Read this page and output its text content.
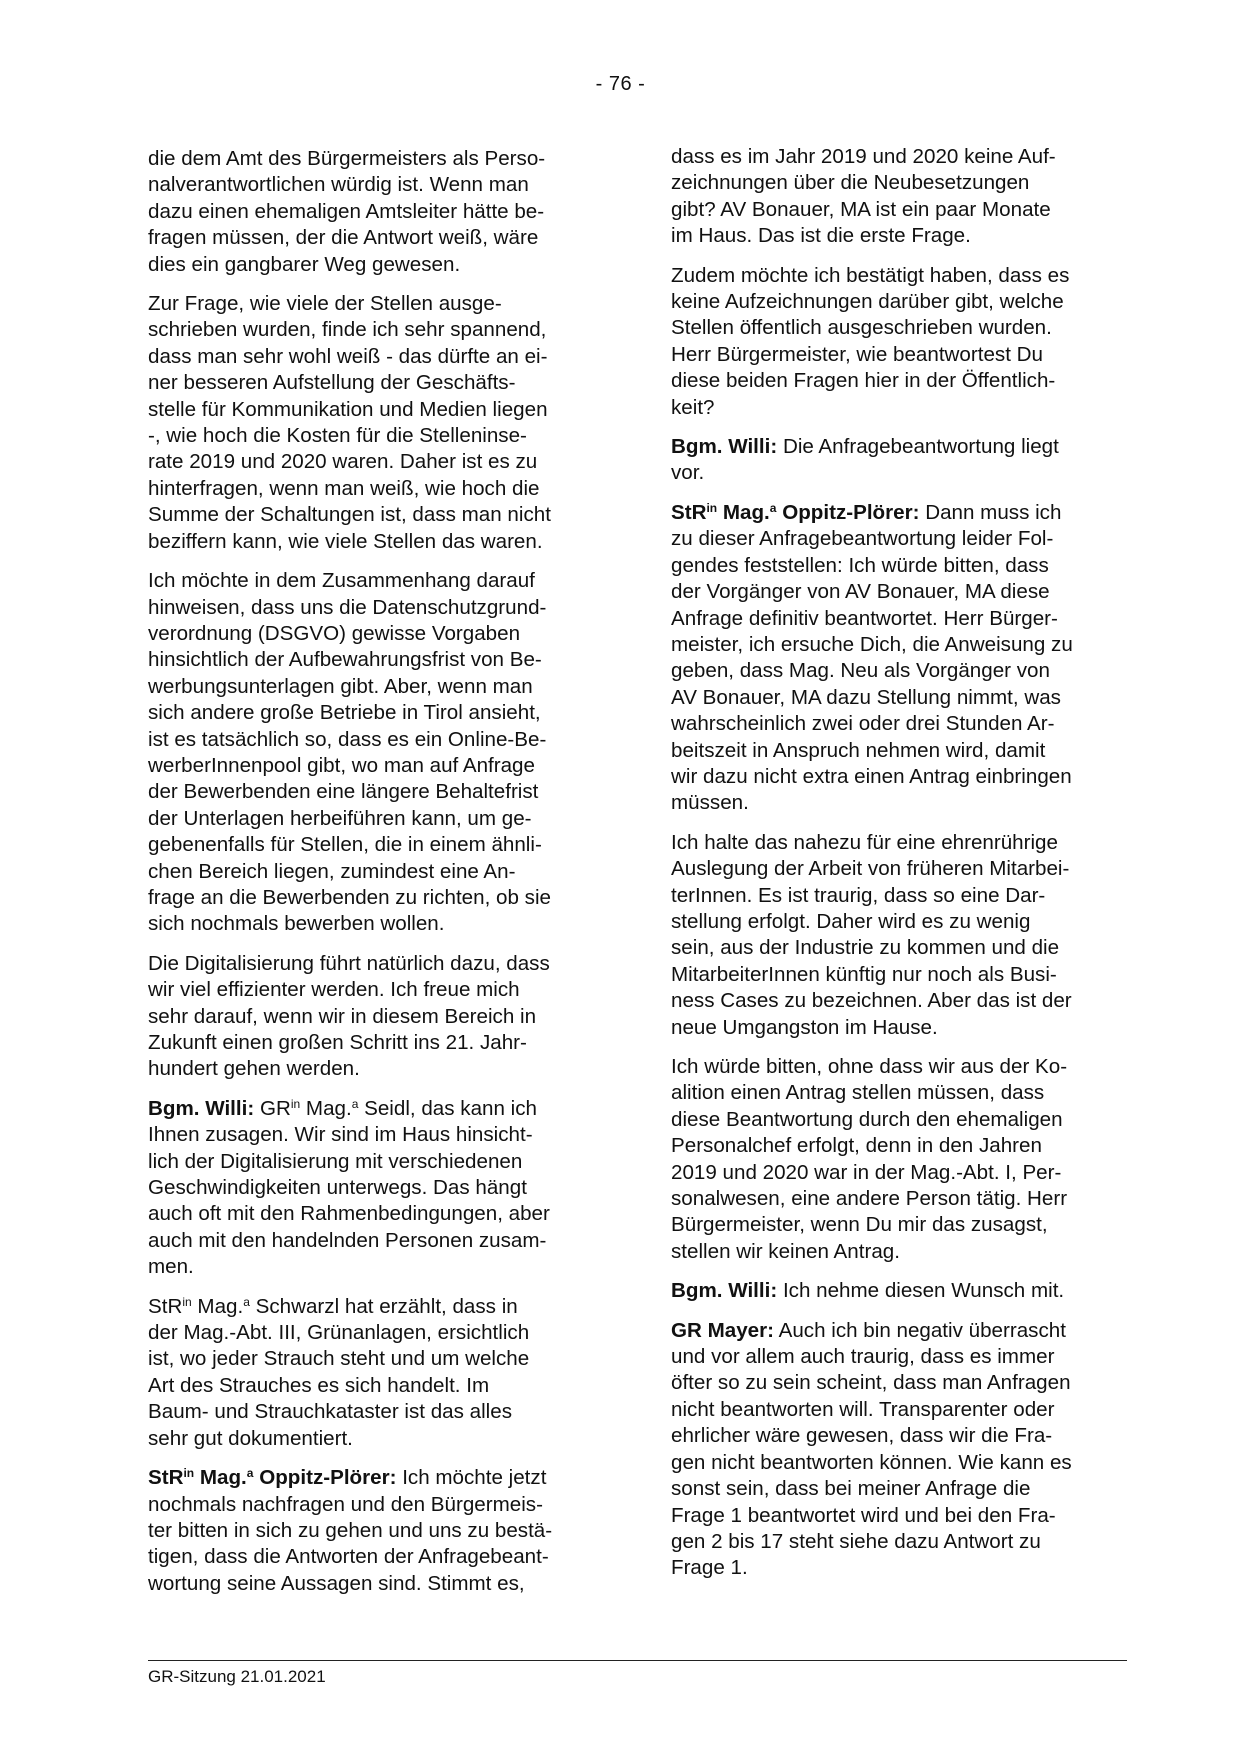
- 76 -

die dem Amt des Bürgermeisters als Perso-
nalverantwortlichen würdig ist. Wenn man
dazu einen ehemaligen Amtsleiter hätte be-
fragen müssen, der die Antwort weiß, wäre
dies ein gangbarer Weg gewesen.

Zur Frage, wie viele der Stellen ausge-
schrieben wurden, finde ich sehr spannend,
dass man sehr wohl weiß - das dürfte an ei-
ner besseren Aufstellung der Geschäfts-
stelle für Kommunikation und Medien liegen
-, wie hoch die Kosten für die Stelleninse-
rate 2019 und 2020 waren. Daher ist es zu
hinterfragen, wenn man weiß, wie hoch die
Summe der Schaltungen ist, dass man nicht
beziffern kann, wie viele Stellen das waren.

Ich möchte in dem Zusammenhang darauf
hinweisen, dass uns die Datenschutzgrund-
verordnung (DSGVO) gewisse Vorgaben
hinsichtlich der Aufbewahrungsfrist von Be-
werbungsunterlagen gibt. Aber, wenn man
sich andere große Betriebe in Tirol ansieht,
ist es tatsächlich so, dass es ein Online-Be-
werberInnenpool gibt, wo man auf Anfrage
der Bewerbenden eine längere Behaltefrist
der Unterlagen herbeiführen kann, um ge-
gebenenfalls für Stellen, die in einem ähnli-
chen Bereich liegen, zumindest eine An-
frage an die Bewerbenden zu richten, ob sie
sich nochmals bewerben wollen.

Die Digitalisierung führt natürlich dazu, dass
wir viel effizienter werden. Ich freue mich
sehr darauf, wenn wir in diesem Bereich in
Zukunft einen großen Schritt ins 21. Jahr-
hundert gehen werden.

Bgm. Willi: $GR^{in}$ Mag.$^a$ Seidl, das kann ich
Ihnen zusagen. Wir sind im Haus hinsicht-
lich der Digitalisierung mit verschiedenen
Geschwindigkeiten unterwegs. Das hängt
auch oft mit den Rahmenbedingungen, aber
auch mit den handelnden Personen zusam-
men.

StR$^{in}$ Mag.$^a$ Schwarzl hat erzählt, dass in
der Mag.-Abt. III, Grünanlagen, ersichtlich
ist, wo jeder Strauch steht und um welche
Art des Strauches es sich handelt. Im
Baum- und Strauchkataster ist das alles
sehr gut dokumentiert.

StR$^{in}$ Mag.$^a$ Oppitz-Plörer: Ich möchte jetzt
nochmals nachfragen und den Bürgermeis-
ter bitten in sich zu gehen und uns zu bestä-
tigen, dass die Antworten der Anfragebeant-
wortung seine Aussagen sind. Stimmt es,

dass es im Jahr 2019 und 2020 keine Auf-
zeichnungen über die Neubesetzungen
gibt? AV Bonauer, MA ist ein paar Monate
im Haus. Das ist die erste Frage.

Zudem möchte ich bestätigt haben, dass es
keine Aufzeichnungen darüber gibt, welche
Stellen öffentlich ausgeschrieben wurden.
Herr Bürgermeister, wie beantwortest Du
diese beiden Fragen hier in der Öffentlich-
keit?

Bgm. Willi: Die Anfragebeantwortung liegt
vor.

StR$^{in}$ Mag.$^a$ Oppitz-Plörer: Dann muss ich
zu dieser Anfragebeantwortung leider Fol-
gendes feststellen: Ich würde bitten, dass
der Vorgänger von AV Bonauer, MA diese
Anfrage definitiv beantwortet. Herr Bürger-
meister, ich ersuche Dich, die Anweisung zu
geben, dass Mag. Neu als Vorgänger von
AV Bonauer, MA dazu Stellung nimmt, was
wahrscheinlich zwei oder drei Stunden Ar-
beitszeit in Anspruch nehmen wird, damit
wir dazu nicht extra einen Antrag einbringen
müssen.

Ich halte das nahezu für eine ehrenrührige
Auslegung der Arbeit von früheren Mitarbei-
terInnen. Es ist traurig, dass so eine Dar-
stellung erfolgt. Daher wird es zu wenig
sein, aus der Industrie zu kommen und die
MitarbeiterInnen künftig nur noch als Busi-
ness Cases zu bezeichnen. Aber das ist der
neue Umgangston im Hause.

Ich würde bitten, ohne dass wir aus der Ko-
alition einen Antrag stellen müssen, dass
diese Beantwortung durch den ehemaligen
Personalchef erfolgt, denn in den Jahren
2019 und 2020 war in der Mag.-Abt. I, Per-
sonalwesen, eine andere Person tätig. Herr
Bürgermeister, wenn Du mir das zusagst,
stellen wir keinen Antrag.

Bgm. Willi: Ich nehme diesen Wunsch mit.

GR Mayer: Auch ich bin negativ überrascht
und vor allem auch traurig, dass es immer
öfter so zu sein scheint, dass man Anfragen
nicht beantworten will. Transparenter oder
ehrlicher wäre gewesen, dass wir die Fra-
gen nicht beantworten können. Wie kann es
sonst sein, dass bei meiner Anfrage die
Frage 1 beantwortet wird und bei den Fra-
gen 2 bis 17 steht siehe dazu Antwort zu
Frage 1.

GR-Sitzung 21.01.2021
